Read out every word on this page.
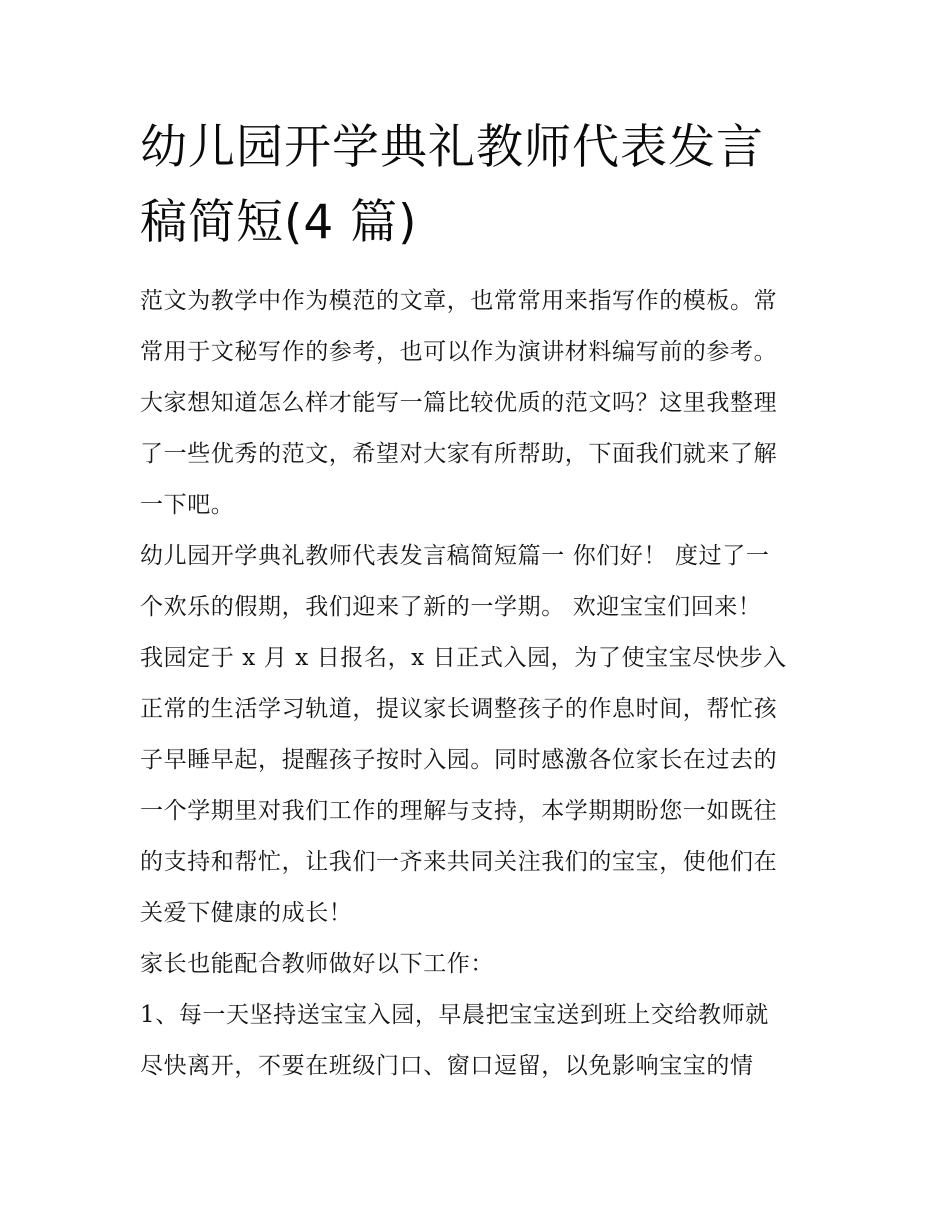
幼儿园开学典礼教师代表发言
稿简短(4 篇)
范文为教学中作为模范的文章，也常常用来指写作的模板。常
常用于文秘写作的参考，也可以作为演讲材料编写前的参考。
大家想知道怎么样才能写一篇比较优质的范文吗？这里我整理
了一些优秀的范文，希望对大家有所帮助，下面我们就来了解
一下吧。
幼儿园开学典礼教师代表发言稿简短篇一 你们好！ 度过了一
个欢乐的假期，我们迎来了新的一学期。 欢迎宝宝们回来！
我园定于 x 月 x 日报名，x 日正式入园，为了使宝宝尽快步入
正常的生活学习轨道，提议家长调整孩子的作息时间，帮忙孩
子早睡早起，提醒孩子按时入园。同时感激各位家长在过去的
一个学期里对我们工作的理解与支持，本学期期盼您一如既往
的支持和帮忙，让我们一齐来共同关注我们的宝宝，使他们在
关爱下健康的成长！
家长也能配合教师做好以下工作：
1、每一天坚持送宝宝入园，早晨把宝宝送到班上交给教师就
尽快离开，不要在班级门口、窗口逗留，以免影响宝宝的情
